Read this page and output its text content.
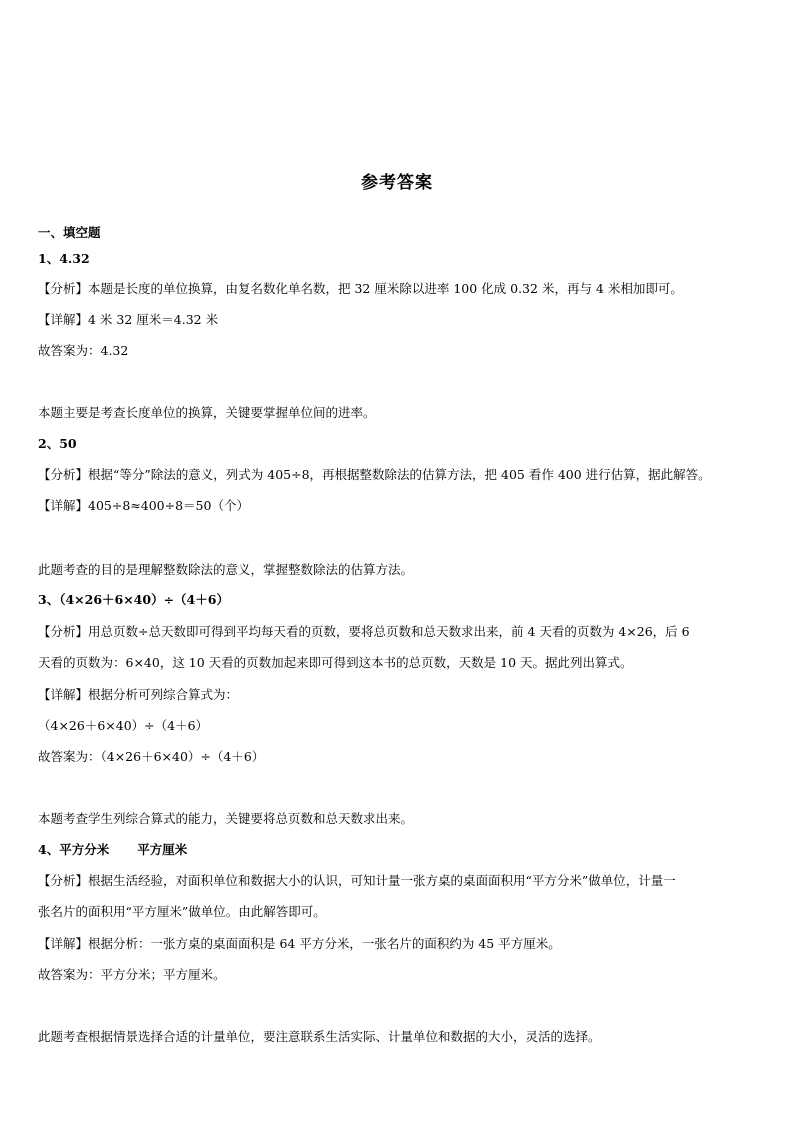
参考答案
一、填空题
1、4.32
【分析】本题是长度的单位换算，由复名数化单名数，把 32 厘米除以进率 100 化成 0.32 米，再与 4 米相加即可。
【详解】4 米 32 厘米＝4.32 米
故答案为：4.32
本题主要是考查长度单位的换算，关键要掌握单位间的进率。
2、50
【分析】根据“等分”除法的意义，列式为 405÷8，再根据整数除法的估算方法，把 405 看作 400 进行估算，据此解答。
【详解】405÷8≈400÷8＝50（个）
此题考查的目的是理解整数除法的意义，掌握整数除法的估算方法。
3、（4×26＋6×40）÷（4＋6）
【分析】用总页数÷总天数即可得到平均每天看的页数，要将总页数和总天数求出来，前 4 天看的页数为 4×26，后 6
天看的页数为：6×40，这 10 天看的页数加起来即可得到这本书的总页数，天数是 10 天。据此列出算式。
【详解】根据分析可列综合算式为：
（4×26＋6×40）÷（4＋6）
故答案为：（4×26＋6×40）÷（4＋6）
本题考查学生列综合算式的能力，关键要将总页数和总天数求出来。
4、平方分米 平方厘米
【分析】根据生活经验，对面积单位和数据大小的认识，可知计量一张方桌的桌面面积用“平方分米”做单位，计量一
张名片的面积用“平方厘米”做单位。由此解答即可。
【详解】根据分析：一张方桌的桌面面积是 64 平方分米，一张名片的面积约为 45 平方厘米。
故答案为：平方分米；平方厘米。
此题考查根据情景选择合适的计量单位，要注意联系生活实际、计量单位和数据的大小，灵活的选择。
